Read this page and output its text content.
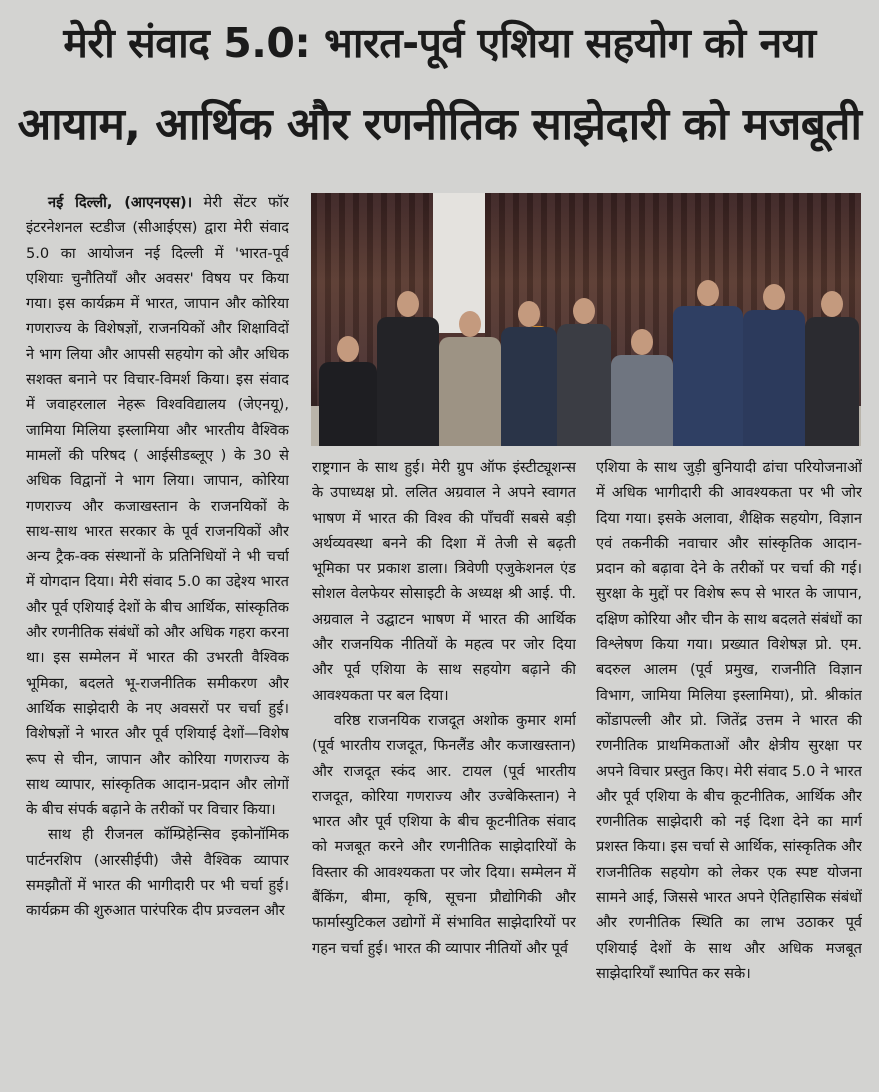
मेरी संवाद 5.0: भारत-पूर्व एशिया सहयोग को नया
आयाम, आर्थिक और रणनीतिक साझेदारी को मजबूती

नई दिल्ली, (आएनएस)। मेरी सेंटर फॉर इंटरनेशनल स्टडीज (सीआईएस) द्वारा मेरी संवाद 5.0 का आयोजन नई दिल्ली में 'भारत-पूर्व एशियाः चुनौतियाँ और अवसर' विषय पर किया गया। इस कार्यक्रम में भारत, जापान और कोरिया गणराज्य के विशेषज्ञों, राजनयिकों और शिक्षाविदों ने भाग लिया और आपसी सहयोग को और अधिक सशक्त बनाने पर विचार-विमर्श किया। इस संवाद में जवाहरलाल नेहरू विश्वविद्यालय (जेएनयू), जामिया मिलिया इस्लामिया और भारतीय वैश्विक मामलों की परिषद ( आईसीडब्लूए ) के 30 से अधिक विद्वानों ने भाग लिया। जापान, कोरिया गणराज्य और कजाखस्तान के राजनयिकों के साथ-साथ भारत सरकार के पूर्व राजनयिकों और अन्य ट्रैक-क्क संस्थानों के प्रतिनिधियों ने भी चर्चा में योगदान दिया। मेरी संवाद 5.0 का उद्देश्य भारत और पूर्व एशियाई देशों के बीच आर्थिक, सांस्कृतिक और रणनीतिक संबंधों को और अधिक गहरा करना था। इस सम्मेलन में भारत की उभरती वैश्विक भूमिका, बदलते भू-राजनीतिक समीकरण और आर्थिक साझेदारी के नए अवसरों पर चर्चा हुई। विशेषज्ञों ने भारत और पूर्व एशियाई देशों—विशेष रूप से चीन, जापान और कोरिया गणराज्य के साथ व्यापार, सांस्कृतिक आदान-प्रदान और लोगों के बीच संपर्क बढ़ाने के तरीकों पर विचार किया।

साथ ही रीजनल कॉम्प्रिहेन्सिव इकोनॉमिक पार्टनरशिप (आरसीईपी) जैसे वैश्विक व्यापार समझौतों में भारत की भागीदारी पर भी चर्चा हुई। कार्यक्रम की शुरुआत पारंपरिक दीप प्रज्वलन और

राष्ट्रगान के साथ हुई। मेरी ग्रुप ऑफ इंस्टीट्यूशन्स के उपाध्यक्ष प्रो. ललित अग्रवाल ने अपने स्वागत भाषण में भारत की विश्व की पाँचवीं सबसे बड़ी अर्थव्यवस्था बनने की दिशा में तेजी से बढ़ती भूमिका पर प्रकाश डाला। त्रिवेणी एजुकेशनल एंड सोशल वेलफेयर सोसाइटी के अध्यक्ष श्री आई. पी. अग्रवाल ने उद्घाटन भाषण में भारत की आर्थिक और राजनयिक नीतियों के महत्व पर जोर दिया और पूर्व एशिया के साथ सहयोग बढ़ाने की आवश्यकता पर बल दिया।

वरिष्ठ राजनयिक राजदूत अशोक कुमार शर्मा (पूर्व भारतीय राजदूत, फिनलैंड और कजाखस्तान) और राजदूत स्कंद आर. टायल (पूर्व भारतीय राजदूत, कोरिया गणराज्य और उज्बेकिस्तान) ने भारत और पूर्व एशिया के बीच कूटनीतिक संवाद को मजबूत करने और रणनीतिक साझेदारियों के विस्तार की आवश्यकता पर जोर दिया। सम्मेलन में बैंकिंग, बीमा, कृषि, सूचना प्रौद्योगिकी और फार्मास्युटिकल उद्योगों में संभावित साझेदारियों पर गहन चर्चा हुई। भारत की व्यापार नीतियों और पूर्व

एशिया के साथ जुड़ी बुनियादी ढांचा परियोजनाओं में अधिक भागीदारी की आवश्यकता पर भी जोर दिया गया। इसके अलावा, शैक्षिक सहयोग, विज्ञान एवं तकनीकी नवाचार और सांस्कृतिक आदान-प्रदान को बढ़ावा देने के तरीकों पर चर्चा की गई। सुरक्षा के मुद्दों पर विशेष रूप से भारत के जापान, दक्षिण कोरिया और चीन के साथ बदलते संबंधों का विश्लेषण किया गया। प्रख्यात विशेषज्ञ प्रो. एम. बदरुल आलम (पूर्व प्रमुख, राजनीति विज्ञान विभाग, जामिया मिलिया इस्लामिया), प्रो. श्रीकांत कोंडापल्ली और प्रो. जितेंद्र उत्तम ने भारत की रणनीतिक प्राथमिकताओं और क्षेत्रीय सुरक्षा पर अपने विचार प्रस्तुत किए। मेरी संवाद 5.0 ने भारत और पूर्व एशिया के बीच कूटनीतिक, आर्थिक और रणनीतिक साझेदारी को नई दिशा देने का मार्ग प्रशस्त किया। इस चर्चा से आर्थिक, सांस्कृतिक और राजनीतिक सहयोग को लेकर एक स्पष्ट योजना सामने आई, जिससे भारत अपने ऐतिहासिक संबंधों और रणनीतिक स्थिति का लाभ उठाकर पूर्व एशियाई देशों के साथ और अधिक मजबूत साझेदारियाँ स्थापित कर सके।
